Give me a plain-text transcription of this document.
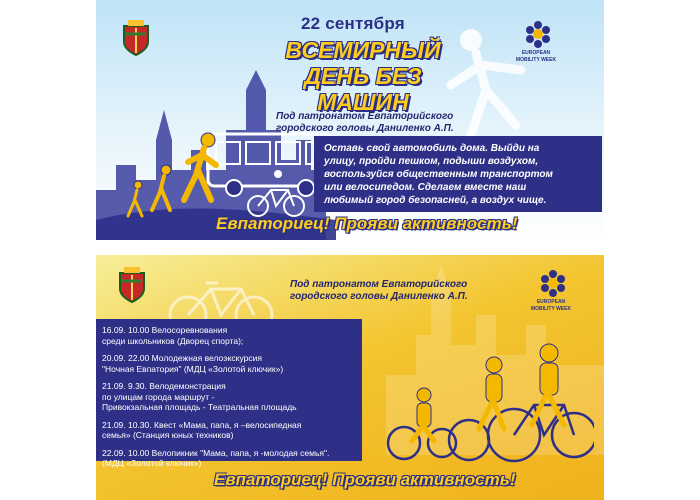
EUROPEAN
MOBILITY WEEK
22 сентября
ВСЕМИРНЫЙ
ДЕНЬ БЕЗ МАШИН
Под патронатом Евпаторийского
городского головы Даниленко А.П.
Оставь свой автомобиль дома. Выйди на
улицу, пройди пешком, подыши воздухом,
воспользуйся общественным транспортом
или велосипедом. Сделаем вместе наш
любимый город безопасней, а воздух чище.
Евпаториец! Прояви активность!
EUROPEAN
MOBILITY WEEK
Под патронатом Евпаторийского
городского головы Даниленко А.П.
16.09. 10.00 Велосоревнования
среди школьников (Дворец спорта);
20.09. 22.00 Молодежная велоэкскурсия
"Ночная Евпатория" (МДЦ «Золотой ключик»)
21.09. 9.30. Велодемонстрация
по улицам города маршрут -
Привокзальная площадь - Театральная площадь
21.09. 10.30. Квест «Мама, папа, я –велосипедная
семья» (Станция юных техников)
22.09. 10.00 Велопикник "Мама, папа, я -молодая семья".
(МДЦ «Золотой ключик»)
Евпаториец! Прояви активность!
